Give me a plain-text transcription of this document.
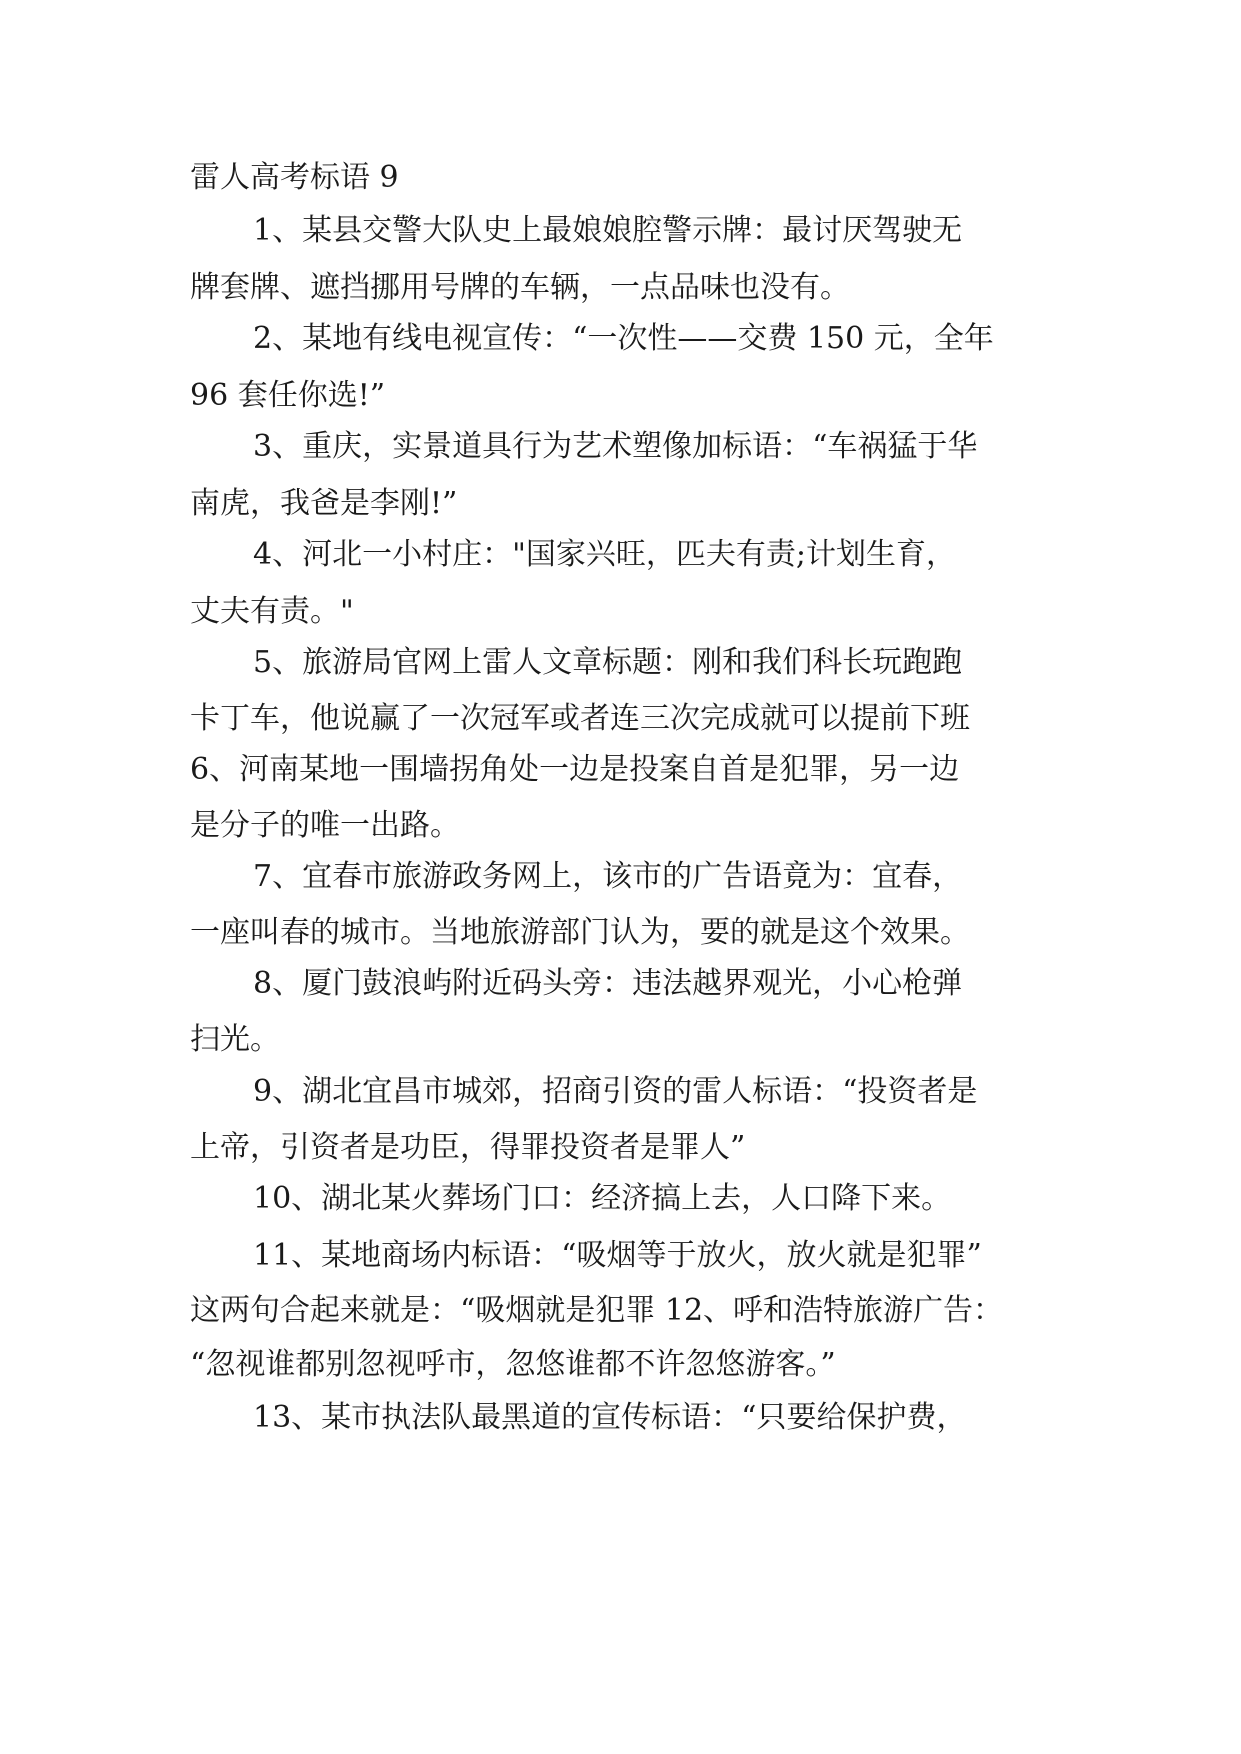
雷人高考标语 9
1、某县交警大队史上最娘娘腔警示牌：最讨厌驾驶无
牌套牌、遮挡挪用号牌的车辆，一点品味也没有。
2、某地有线电视宣传：“一次性——交费 150 元，全年
96 套任你选!”
3、重庆，实景道具行为艺术塑像加标语：“车祸猛于华
南虎，我爸是李刚!”
4、河北一小村庄："国家兴旺，匹夫有责;计划生育，
丈夫有责。"
5、旅游局官网上雷人文章标题：刚和我们科长玩跑跑
卡丁车，他说赢了一次冠军或者连三次完成就可以提前下班
6、河南某地一围墙拐角处一边是投案自首是犯罪，另一边
是分子的唯一出路。
7、宜春市旅游政务网上，该市的广告语竟为：宜春，
一座叫春的城市。当地旅游部门认为，要的就是这个效果。
8、厦门鼓浪屿附近码头旁：违法越界观光，小心枪弹
扫光。
9、湖北宜昌市城郊，招商引资的雷人标语：“投资者是
上帝，引资者是功臣，得罪投资者是罪人”
10、湖北某火葬场门口：经济搞上去，人口降下来。
11、某地商场内标语：“吸烟等于放火，放火就是犯罪”
这两句合起来就是：“吸烟就是犯罪 12、呼和浩特旅游广告：
“忽视谁都别忽视呼市，忽悠谁都不许忽悠游客。”
13、某市执法队最黑道的宣传标语：“只要给保护费，
